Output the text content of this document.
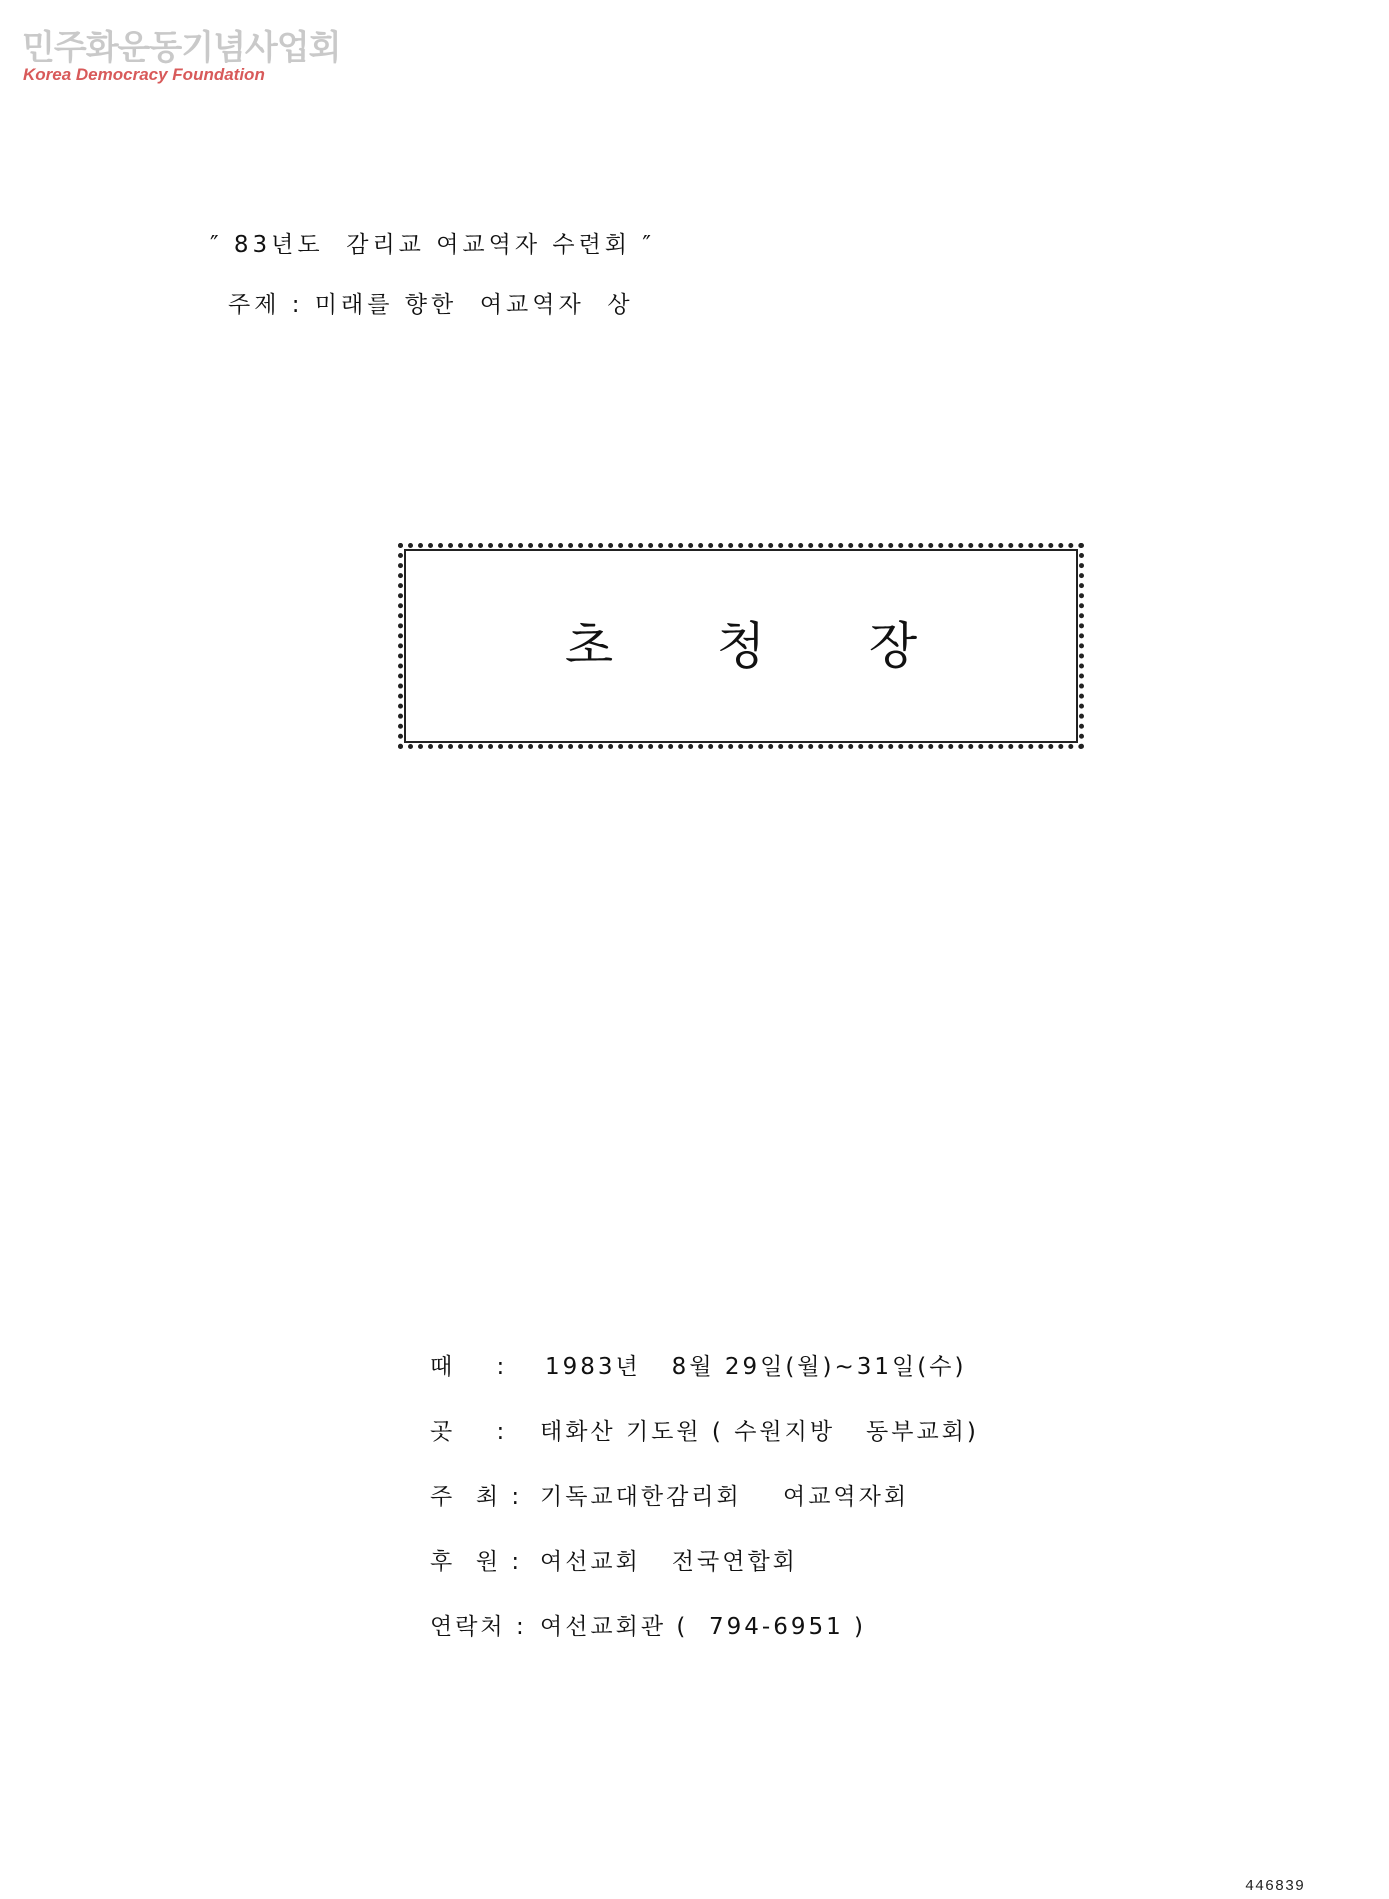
민주화운동기념사업회
Korea Democracy Foundation
″ 83년도  감리교 여교역자 수련회 ″
주제 : 미래를 향한  여교역자  상
초 청 장
때    : 1983년   8월 29일(월)~31일(수)
곳    : 태화산 기도원 ( 수원지방   동부교회)
주  최 : 기독교대한감리회    여교역자회
후  원 : 여선교회   전국연합회
연락처 : 여선교회관 (  794-6951 )
446839
